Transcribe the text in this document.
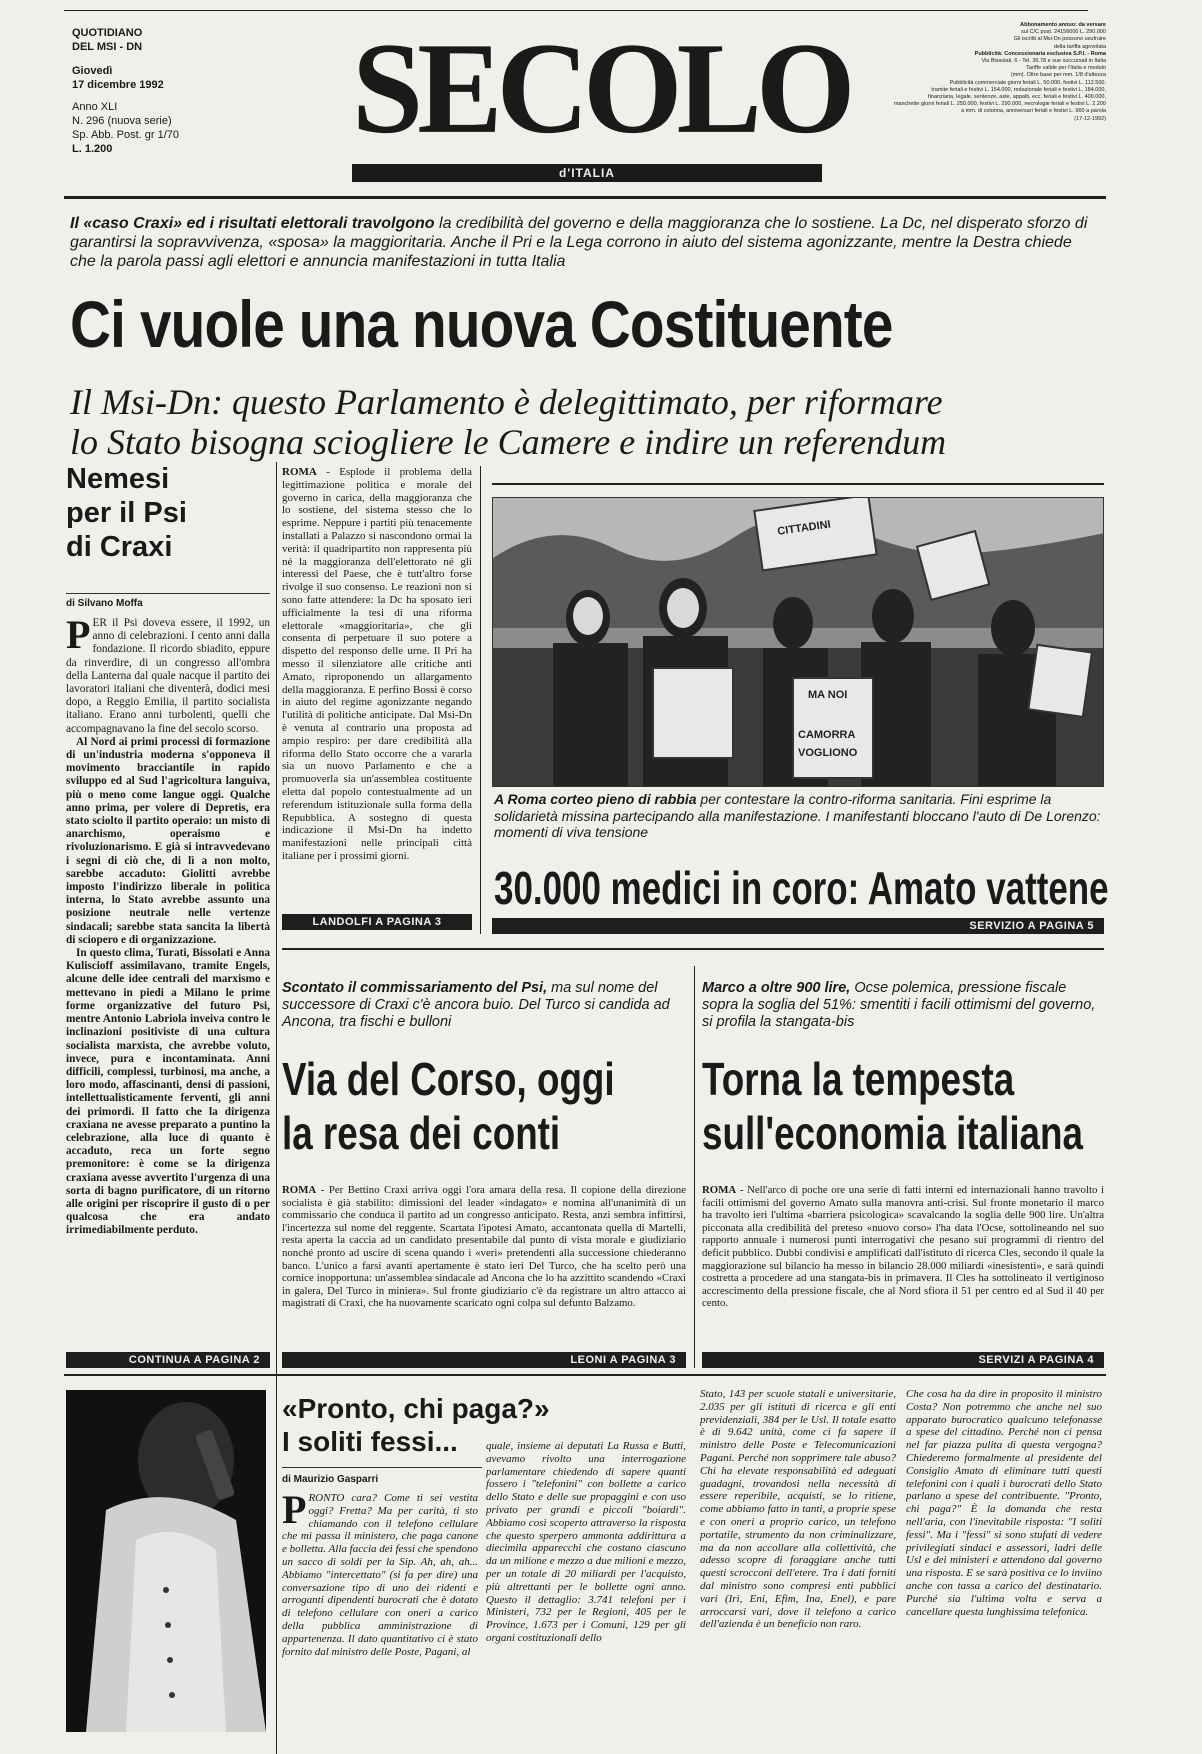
QUOTIDIANO
DEL MSI - DN
Giovedì
17 dicembre 1992
Anno XLI
N. 296 (nuova serie)
Sp. Abb. Post. gr 1/70
L. 1.200	SECOLO
d'ITALIA
Abbonamento annuo: da versare
sul C/C post. 24156000 L. 290.000
Gli iscritti al Msi-Dn possono usufruire
della tariffa agevolata
Pubblicità: Concessionaria esclusiva S.P.I. - Roma
Via Bissolati, 6 - Tel. 36.78 e sue succursali in Italia
Tariffe valide per l'Italia e modulo
(mm). Oltre base per mm. 1/8 d'altezza
Pubblicità commerciale giorni feriali L. 50.000, festivi L. 112.500,
tramite feriali e festivi L. 154.000, redazionale feriali e festivi L. 184.000,
finanziaria, legale, sentenze, aste, appalti, ecc. feriali e festivi L. 400.000,
manchette giorni feriali L. 250.000, festivi L. 290.000, necrologie feriali e festivi L. 2.200
a mm. di colonna, anniversari feriali e festivi L. 960 a parola
(17-12-1992)
Il «caso Craxi» ed i risultati elettorali travolgono la credibilità del governo e della maggioranza che lo sostiene. La Dc, nel disperato sforzo di garantirsi la sopravvivenza, «sposa» la maggioritaria. Anche il Pri e la Lega corrono in aiuto del sistema agonizzante, mentre la Destra chiede che la parola passi agli elettori e annuncia manifestazioni in tutta Italia
Ci vuole una nuova Costituente
Il Msi-Dn: questo Parlamento è delegittimato, per riformare
lo Stato bisogna sciogliere le Camere e indire un referendum
Nemesi
per il Psi
di Craxi
di Silvano Moffa
P ER il Psi doveva essere, il 1992, un anno di celebrazioni. I cento anni dalla fondazione. Il ricordo sbiadito, eppure da rinverdire, di un congresso all'ombra della Lanterna dal quale nacque il partito dei lavoratori italiani che diventerà, dodici mesi dopo, a Reggio Emilia, il partito socialista italiano. Erano anni turbolenti, quelli che accompagnavano la fine del secolo scorso.

Al Nord ai primi processi di formazione di un'industria moderna s'opponeva il movimento bracciantile in rapido sviluppo ed al Sud l'agricoltura languiva, più o meno come langue oggi. Qualche anno prima, per volere di Depretis, era stato sciolto il partito operaio: un misto di anarchismo, operaismo e rivoluzionarismo. E già si intravvedevano i segni di ciò che, di lì a non molto, sarebbe accaduto: Giolitti avrebbe imposto l'indirizzo liberale in politica interna, lo Stato avrebbe assunto una posizione neutrale nelle vertenze sindacali; sarebbe stata sancita la libertà di sciopero e di organizzazione.

In questo clima, Turati, Bissolati e Anna Kuliscioff assimilavano, tramite Engels, alcune delle idee centrali del marxismo e mettevano in piedi a Milano le prime forme organizzative del futuro Psi, mentre Antonio Labriola inveiva contro le inclinazioni positiviste di una cultura socialista marxista, che avrebbe voluto, invece, pura e incontaminata. Anni difficili, complessi, turbinosi, ma anche, a loro modo, affascinanti, densi di passioni, intellettualisticamente ferventi, gli anni dei primordi. Il fatto che la dirigenza craxiana ne avesse preparato a puntino la celebrazione, alla luce di quanto è accaduto, reca un forte segno premonitore: è come se la dirigenza craxiana avesse avvertito l'urgenza di una sorta di bagno purificatore, di un ritorno alle origini per riscoprire il gusto di o per qualcosa che era andato irrimediabilmente perduto.

CONTINUA A PAGINA 2
ROMA - Esplode il problema della legittimazione politica e morale del governo in carica, della maggioranza che lo sostiene, del sistema stesso che lo esprime. Neppure i partiti più tenacemente installati a Palazzo si nascondono ormai la verità: il quadripartito non rappresenta più né la maggioranza dell'elettorato né gli interessi del Paese, che è tutt'altro forse rivolge il suo consenso. Le reazioni non si sono fatte attendere: la Dc ha sposato ieri ufficialmente la tesi di una riforma elettorale «maggioritaria», che gli consenta di perpetuare il suo potere a dispetto del responso delle urne. Il Pri ha messo il silenziatore alle critiche anti Amato, riproponendo un allargamento della maggioranza. E perfino Bossi è corso in aiuto del regime agonizzante negando l'utilità di politiche anticipate. Dal Msi-Dn è venuta al contrario una proposta ad ampio respiro: per dare credibilità alla riforma dello Stato occorre che a vararla sia un nuovo Parlamento e che a promuoverla sia un'assemblea costituente eletta dal popolo contestualmente ad un referendum istituzionale sulla forma della Repubblica. A sostegno di questa indicazione il Msi-Dn ha indetto manifestazioni nelle principali città italiane per i prossimi giorni.
LANDOLFI A PAGINA 3
CITTADINI
MA NOI
CAMORRA
VOGLIONO
A Roma corteo pieno di rabbia per contestare la contro-riforma sanitaria. Fini esprime la solidarietà missina partecipando alla manifestazione. I manifestanti bloccano l'auto di De Lorenzo: momenti di viva tensione
30.000 medici in coro: Amato vattene
SERVIZIO A PAGINA 5
Scontato il commissariamento del Psi, ma sul nome del successore di Craxi c'è ancora buio. Del Turco si candida ad Ancona, tra fischi e bulloni
Via del Corso, oggi
la resa dei conti
ROMA - Per Bettino Craxi arriva oggi l'ora amara della resa. Il copione della direzione socialista è già stabilito: dimissioni del leader «indagato» e nomina all'unanimità di un commissario che conduca il partito ad un congresso anticipato. Resta, anzi sembra infittirsi, l'incertezza sul nome del reggente. Scartata l'ipotesi Amato, accantonata quella di Martelli, resta aperta la caccia ad un candidato presentabile dal punto di vista morale e giudiziario nonché pronto ad uscire di scena quando i «veri» pretendenti alla successione chiederanno banco. L'unico a farsi avanti apertamente è stato ieri Del Turco, che ha scelto però una cornice inopportuna: un'assemblea sindacale ad Ancona che lo ha azzittito scandendo «Craxi in galera, Del Turco in miniera». Sul fronte giudiziario c'è da registrare un altro attacco ai magistrati di Craxi, che ha nuovamente scaricato ogni colpa sul defunto Balzamo.
LEONI A PAGINA 3
Marco a oltre 900 lire, Ocse polemica, pressione fiscale sopra la soglia del 51%: smentiti i facili ottimismi del governo, si profila la stangata-bis
Torna la tempesta
sull'economia italiana
ROMA - Nell'arco di poche ore una serie di fatti interni ed internazionali hanno travolto i facili ottimismi del governo Amato sulla manovra anti-crisi. Sul fronte monetario il marco ha travolto ieri l'ultima «barriera psicologica» scavalcando la soglia delle 900 lire. Un'altra picconata alla credibilità del preteso «nuovo corso» l'ha data l'Ocse, sottolineando nel suo rapporto annuale i numerosi punti interrogativi che pesano sui programmi di rientro del deficit pubblico. Dubbi condivisi e amplificati dall'istituto di ricerca Cles, secondo il quale la maggiorazione sul bilancio ha messo in bilancio 28.000 miliardi «inesistenti», e sarà quindi costretta a procedere ad una stangata-bis in primavera. Il Cles ha sottolineato il vertiginoso accrescimento della pressione fiscale, che al Nord sfiora il 51 per centro ed al Sud il 40 per cento.
SERVIZI A PAGINA 4
«Pronto, chi paga?»
I soliti fessi...
di Maurizio Gasparri
P RONTO cara? Come ti sei vestita oggi? Fretta? Ma per carità, ti sto chiamando con il telefono cellulare che mi passa il ministero, che paga canone e bolletta. Alla faccia dei fessi che spendono un sacco di soldi per la Sip. Ah, ah, ah... Abbiamo "intercettato" (si fa per dire) una conversazione tipo di uno dei ridenti e arroganti dipendenti burocrati che è dotato di telefono cellulare con oneri a carico della pubblica amministrazione di appartenenza. Il dato quantitativo ci è stato fornito dal ministro delle Poste, Pagani, al
quale, insieme ai deputati La Russa e Butti, avevamo rivolto una interrogazione parlamentare chiedendo di sapere quanti fossero i "telefonini" con bollette a carico dello Stato e delle sue propaggini e con uso privato per grandi e piccoli "boiardi". Abbiamo così scoperto attraverso la risposta che questo sperpero ammonta addirittura a diecimila apparecchi che costano ciascuno da un milione e mezzo a due milioni e mezzo, per un totale di 20 miliardi per l'acquisto, più altrettanti per le bollette ogni anno. Questo il dettaglio: 3.741 telefoni per i Ministeri, 732 per le Regioni, 405 per le Province, 1.673 per i Comuni, 129 per gli organi costituzionali dello
Stato, 143 per scuole statali e universitarie, 2.035 per gli istituti di ricerca e gli enti previdenziali, 384 per le Usl. Il totale esatto è di 9.642 unità, come ci fa sapere il ministro delle Poste e Telecomunicazioni Pagani. Perché non sopprimere tale abuso? Chi ha elevate responsabilità ed adeguati guadagni, trovandosi nella necessità di essere reperibile, acquisti, se lo ritiene, come abbiamo fatto in tanti, a proprie spese e con oneri a proprio carico, un telefono portatile, strumento da non criminalizzare, ma da non accollare alla collettività, che adesso scopre di foraggiare anche tutti questi scrocconi dell'etere. Tra i dati forniti dal ministro sono compresi enti pubblici vari (Iri, Eni, Efim, Ina, Enel), e pare arroccarsi vari, dove il telefono a carico dell'azienda è un beneficio non raro.
Che cosa ha da dire in proposito il ministro Costa? Non potremmo che anche nel suo apparato burocratico qualcuno telefonasse a spese del cittadino. Perché non ci pensa nel far piazza pulita di questa vergogna? Chiederemo formalmente al presidente del Consiglio Amato di eliminare tutti questi telefonini con i quali i burocrati dello Stato parlano a spese del contribuente. "Pronto, chi paga?" È la domanda che resta nell'aria, con l'inevitabile risposta: "I soliti fessi". Ma i "fessi" si sono stufati di vedere privilegiati sindaci e assessori, ladri delle Usl e dei ministeri e attendono dal governo una risposta. E se sarà positiva ce lo inviino anche con tassa a carico del destinatario. Purché sia l'ultima volta e serva a cancellare questa lunghissima telefonica.
